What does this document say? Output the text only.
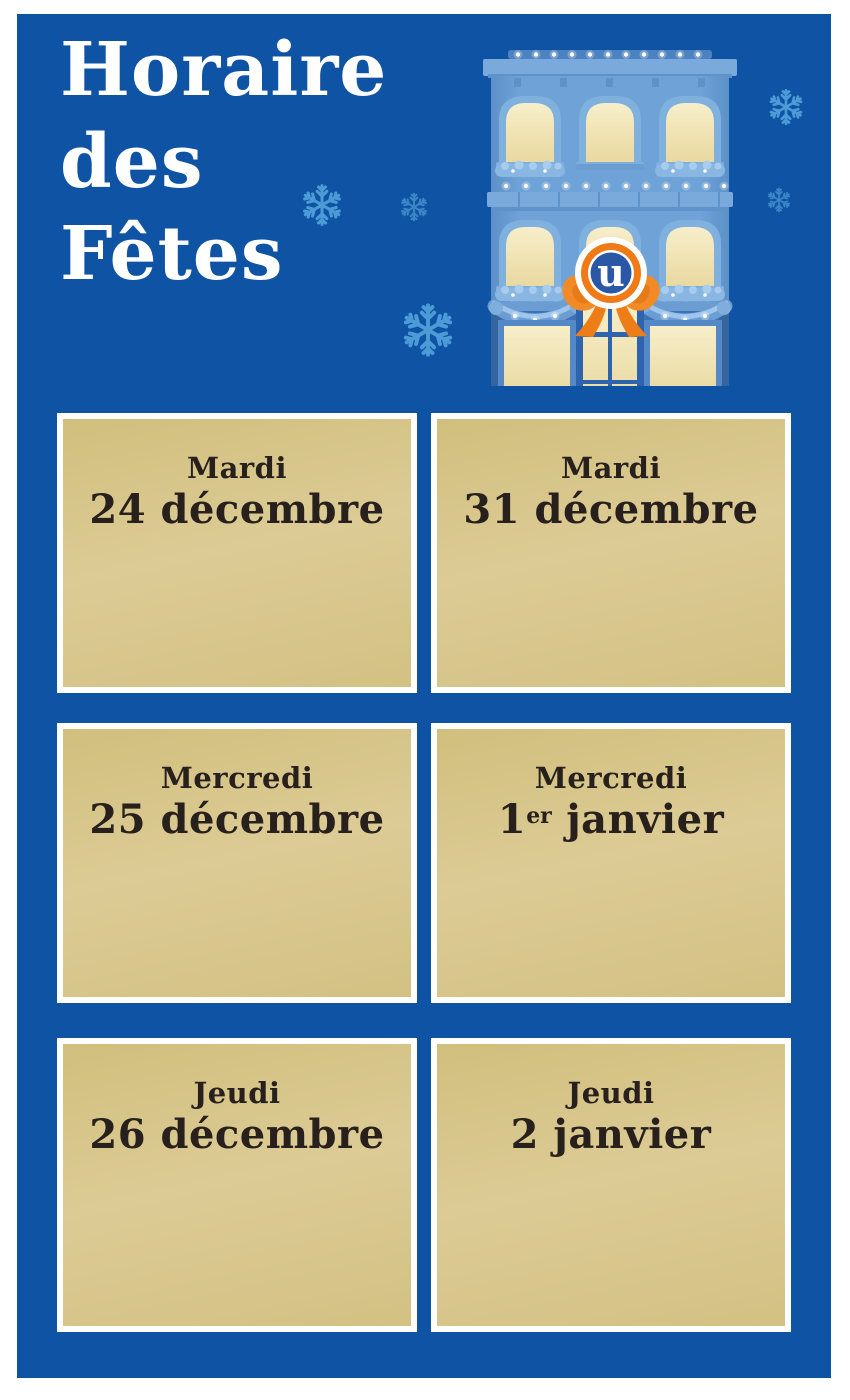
Horaire
des
Fêtes	u
Mardi
24 décembre
Mardi
31 décembre
Mercredi
25 décembre
Mercredi
1er janvier
Jeudi
26 décembre
Jeudi
2 janvier
